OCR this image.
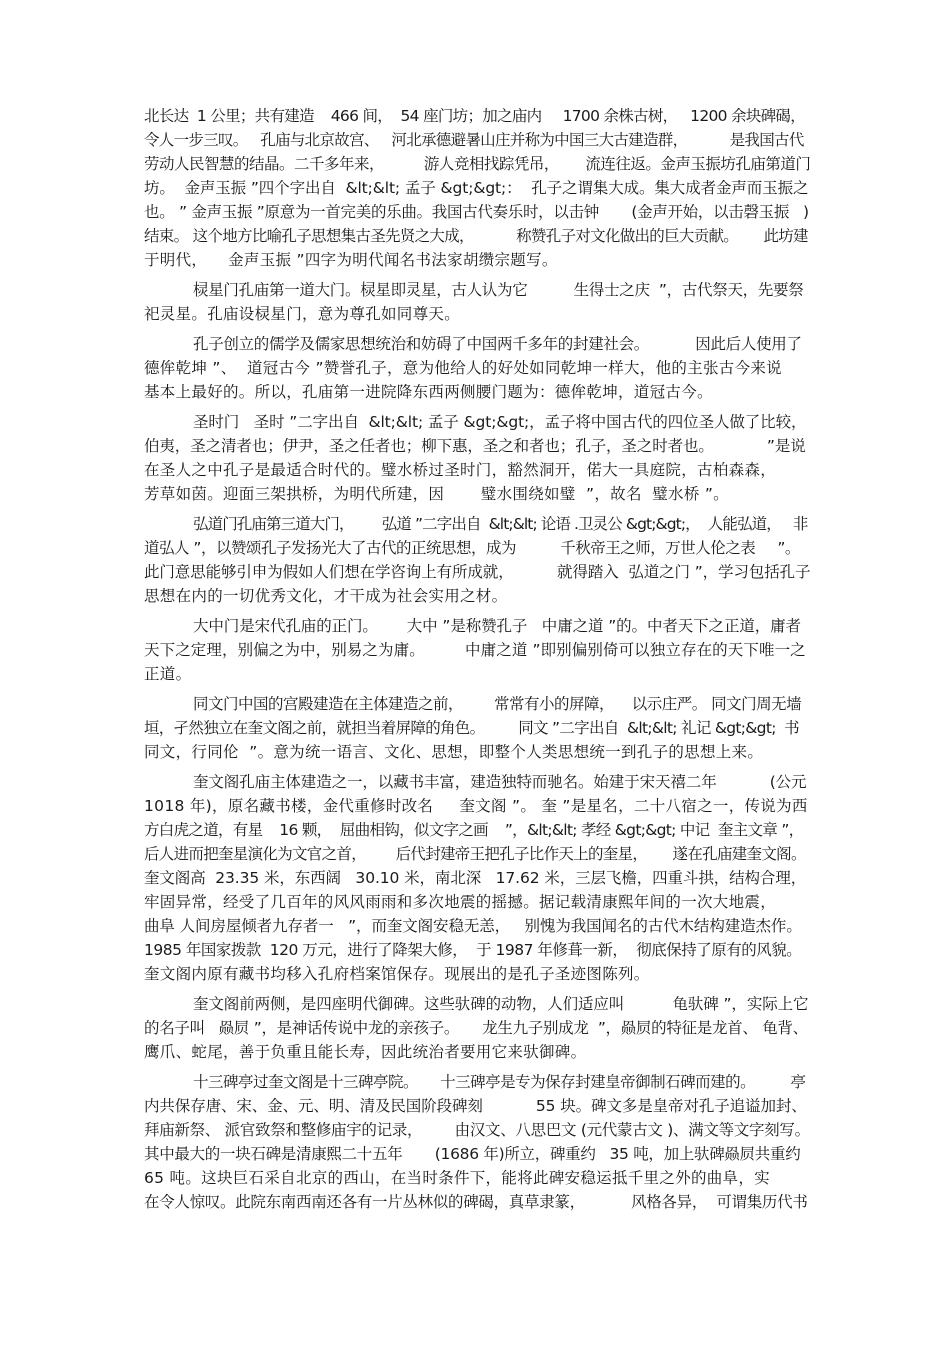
北长达  1 公里；共有建造    466 间，  54 座门坊；加之庙内     1700 余株古树，   1200 余块碑碣，
令人一步三叹。   孔庙与北京故宫、   河北承德避暑山庄并称为中国三大古建造群，          是我国古代
劳动人民智慧的结晶。二千多年来，         游人竞相找踪凭吊，      流连往返。金声玉振坊孔庙第道门
坊。  金声玉振 ”四个字出自  &lt;&lt; 孟子 &gt;&gt;：  孔子之谓集大成。集大成者金声而玉振之
也。 ” 金声玉振 ”原意为一首完美的乐曲。我国古代奏乐时，以击钟       (金声开始，以击磬玉振   )
结束。 这个地方比喻孔子思想集古圣先贤之大成，          称赞孔子对文化做出的巨大贡献。      此坊建
于明代，    金声玉振 ”四字为明代闻名书法家胡缵宗题写。
棂星门孔庙第一道大门。棂星即灵星，古人认为它          生得士之庆  ”，古代祭天，先要祭
祀灵星。孔庙设棂星门，意为尊孔如同尊天。
孔子创立的儒学及儒家思想统治和妨碍了中国两千多年的封建社会。          因此后人使用了
德侔乾坤 ”、  道冠古今 ”赞誉孔子，意为他给人的好处如同乾坤一样大，他的主张古今来说
基本上最好的。所以，孔庙第一进院降东西两侧腰门题为：德侔乾坤，道冠古今。
圣时门   圣时 ”二字出自  &lt;&lt; 孟子 &gt;&gt;，孟子将中国古代的四位圣人做了比较，
伯夷，圣之清者也；伊尹，圣之任者也；柳下惠，圣之和者也；孔子，圣之时者也。           ”是说
在圣人之中孔子是最适合时代的。璧水桥过圣时门，豁然洞开，偌大一具庭院，古柏森森，
芳草如茵。迎面三架拱桥，为明代所建，因       璧水围绕如璧  ”，故名  璧水桥 ”。
弘道门孔庙第三道大门，       弘道 ”二字出自  &lt;&lt; 论语 .卫灵公 &gt;&gt;，  人能弘道，   非
道弘人 ”，以赞颂孔子发扬光大了古代的正统思想，成为          千秋帝王之师，万世人伦之表     ”。
此门意思能够引申为假如人们想在学咨询上有所成就，         就得踏入  弘道之门 ”，学习包括孔子
思想在内的一切优秀文化，才干成为社会实用之材。
大中门是宋代孔庙的正门。      大中 ”是称赞孔子   中庸之道 ”的。中者天下之正道，庸者
天下之定理，别偏之为中，别易之为庸。        中庸之道 ”即别偏别倚可以独立存在的天下唯一之
正道。
同文门中国的宫殿建造在主体建造之前，       常常有小的屏障，    以示庄严。 同文门周无墙
垣，孑然独立在奎文阁之前，就担当着屏障的角色。        同文 ”二字出自  &lt;&lt; 礼记 &gt;&gt;  书
同文，行同伦  ”。意为统一语言、文化、思想，即整个人类思想统一到孔子的思想上来。
奎文阁孔庙主体建造之一，以藏书丰富，建造独特而驰名。始建于宋天禧二年           (公元
1018 年)，原名藏书楼，金代重修时改名     奎文阁 ”。 奎 ”是星名，二十八宿之一，传说为西
方白虎之道，有星    16 颗，  屈曲相钩，似文字之画    ”，&lt;&lt; 孝经 &gt;&gt; 中记  奎主文章 ”，
后人进而把奎星演化为文官之首，       后代封建帝王把孔子比作天上的奎星，      遂在孔庙建奎文阁。
奎文阁高  23.35 米，东西阔   30.10 米，南北深   17.62 米，三层飞檐，四重斗拱，结构合理，
牢固异常，经受了几百年的风风雨雨和多次地震的摇撼。据记载清康熙年间的一次大地震，
曲阜 人间房屋倾者九存者一   ”，而奎文阁安稳无恙，   别愧为我国闻名的古代木结构建造杰作。
1985 年国家拨款  120 万元，进行了降架大修，  于 1987 年修葺一新，  彻底保持了原有的风貌。
奎文阁内原有藏书均移入孔府档案馆保存。现展出的是孔子圣迹图陈列。
奎文阁前两侧，是四座明代御碑。这些驮碑的动物，人们适应叫          龟驮碑 ”，实际上它
的名子叫   赑屃 ”，是神话传说中龙的亲孩子。     龙生九子别成龙  ”，赑屃的特征是龙首、 龟背、
鹰爪、蛇尾，善于负重且能长寿，因此统治者要用它来驮御碑。
十三碑亭过奎文阁是十三碑亭院。     十三碑亭是专为保存封建皇帝御制石碑而建的。        亭
内共保存唐、宋、金、元、明、清及民国阶段碑刻           55 块。碑文多是皇帝对孔子追谥加封、
拜庙新祭、 派官致祭和整修庙宇的记录，       由汉文、八思巴文 (元代蒙古文 )、满文等文字刻写。
其中最大的一块石碑是清康熙二十五年       (1686 年)所立，碑重约   35 吨，加上驮碑赑屃共重约
65 吨。这块巨石采自北京的西山，在当时条件下，能将此碑安稳运抵千里之外的曲阜，实
在令人惊叹。此院东南西南还各有一片丛林似的碑碣，真草隶篆，          风格各异，  可谓集历代书
